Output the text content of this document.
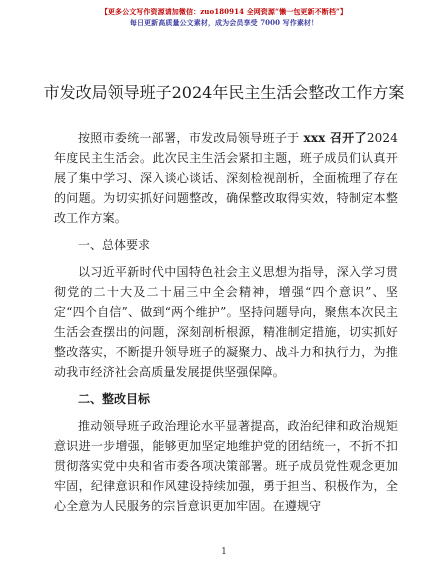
【更多公文写作资源请加微信：zuo180914 全网资源“懒一包更新不断档”】
每日更新高质量公文素材，成为会员享受 7000 写作素材！
市发改局领导班子2024年民主生活会整改工作方案

按照市委统一部署，市发改局领导班子于 xxx 召开了2024年度民主生活会。此次民主生活会紧扣主题，班子成员们认真开展了集中学习、深入谈心谈话、深刻检视剖析，全面梳理了存在的问题。为切实抓好问题整改，确保整改取得实效，特制定本整改工作方案。

一、总体要求

以习近平新时代中国特色社会主义思想为指导，深入学习贯彻党的二十大及二十届三中全会精神，增强“四个意识”、坚定“四个自信”、做到“两个维护”。坚持问题导向，聚焦本次民主生活会查摆出的问题，深刻剖析根源，精准制定措施，切实抓好整改落实，不断提升领导班子的凝聚力、战斗力和执行力，为推动我市经济社会高质量发展提供坚强保障。

二、整改目标

推动领导班子政治理论水平显著提高，政治纪律和政治规矩意识进一步增强，能够更加坚定地维护党的团结统一，不折不扣贯彻落实党中央和省市委各项决策部署。班子成员党性观念更加牢固，纪律意识和作风建设持续加强，勇于担当、积极作为，全心全意为人民服务的宗旨意识更加牢固。在遵规守

1
